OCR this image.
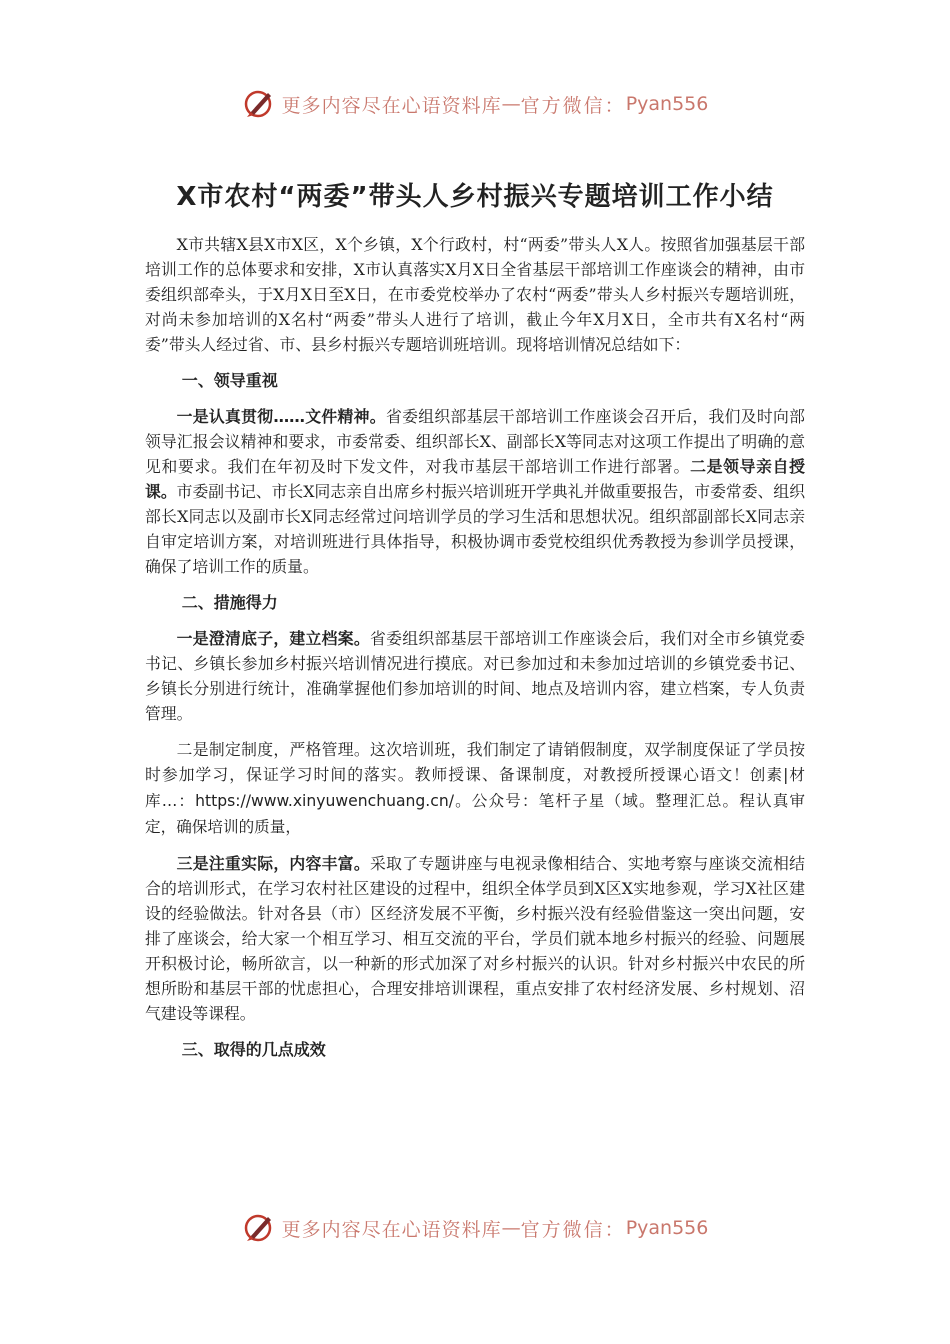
更多内容尽在心语资料库 — 官方微信： Pyan556
X市农村“两委”带头人乡村振兴专题培训工作小结

X市共辖X县X市X区，X个乡镇，X个行政村，村“两委”带头人X人。按照省加强基层干部培训工作的总体要求和安排，X市认真落实X月X日全省基层干部培训工作座谈会的精神，由市委组织部牵头，于X月X日至X日，在市委党校举办了农村“两委”带头人乡村振兴专题培训班，对尚未参加培训的X名村“两委”带头人进行了培训，截止今年X月X日，全市共有X名村“两委”带头人经过省、市、县乡村振兴专题培训班培训。现将培训情况总结如下：

一、领导重视

一是认真贯彻……文件精神。省委组织部基层干部培训工作座谈会召开后，我们及时向部领导汇报会议精神和要求，市委常委、组织部长X、副部长X等同志对这项工作提出了明确的意见和要求。我们在年初及时下发文件，对我市基层干部培训工作进行部署。二是领导亲自授课。市委副书记、市长X同志亲自出席乡村振兴培训班开学典礼并做重要报告，市委常委、组织部长X同志以及副市长X同志经常过问培训学员的学习生活和思想状况。组织部副部长X同志亲自审定培训方案，对培训班进行具体指导，积极协调市委党校组织优秀教授为参训学员授课，确保了培训工作的质量。

二、措施得力

一是澄清底子，建立档案。省委组织部基层干部培训工作座谈会后，我们对全市乡镇党委书记、乡镇长参加乡村振兴培训情况进行摸底。对已参加过和未参加过培训的乡镇党委书记、乡镇长分别进行统计，准确掌握他们参加培训的时间、地点及培训内容，建立档案，专人负责管理。

二是制定制度，严格管理。这次培训班，我们制定了请销假制度，双学制度保证了学员按时参加学习，保证学习时间的落实。教师授课、备课制度，对教授所授课心语文！创素|材库…：https://www.xinyuwenchuang.cn/。公众号：笔杆子星（域。整理汇总。程认真审定，确保培训的质量，

三是注重实际，内容丰富。采取了专题讲座与电视录像相结合、实地考察与座谈交流相结合的培训形式，在学习农村社区建设的过程中，组织全体学员到X区X实地参观，学习X社区建设的经验做法。针对各县（市）区经济发展不平衡，乡村振兴没有经验借鉴这一突出问题，安排了座谈会，给大家一个相互学习、相互交流的平台，学员们就本地乡村振兴的经验、问题展开积极讨论，畅所欲言，以一种新的形式加深了对乡村振兴的认识。针对乡村振兴中农民的所想所盼和基层干部的忧虑担心，合理安排培训课程，重点安排了农村经济发展、乡村规划、沼气建设等课程。

三、取得的几点成效
更多内容尽在心语资料库 — 官方微信： Pyan556
